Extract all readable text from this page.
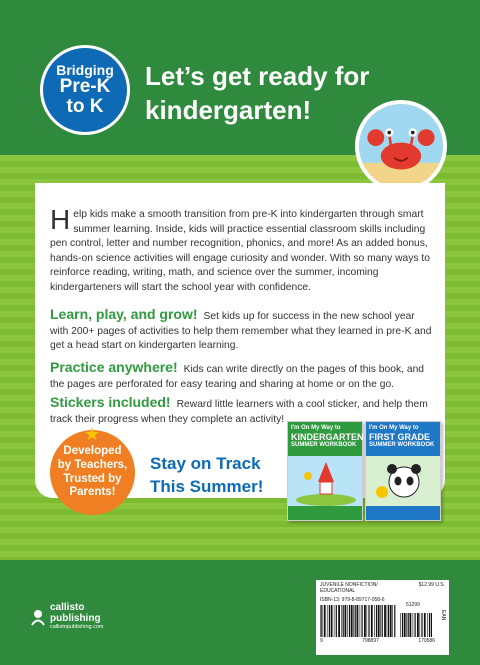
Bridging
Pre-K
to K
Let’s get ready for kindergarten!

Help kids make a smooth transition from pre-K into kindergarten through smart summer learning. Inside, kids will practice essential classroom skills including pen control, letter and number recognition, phonics, and more! As an added bonus, hands-on science activities will engage curiosity and wonder. With so many ways to reinforce reading, writing, math, and science over the summer, incoming kindergarteners will start the school year with confidence.

Learn, play, and grow! Set kids up for success in the new school year with 200+ pages of activities to help them remember what they learned in pre-K and get a head start on kindergarten learning.

Practice anywhere! Kids can write directly on the pages of this book, and the pages are perforated for easy tearing and sharing at home or on the go.

Stickers included! Reward little learners with a cool sticker, and help them track their progress when they complete an activity!

★
Developed by Teachers, Trusted by Parents!
Stay on Track
This Summer!
I'm On My Way to
KINDERGARTEN
SUMMER WORKBOOK
I'm On My Way to
FIRST GRADE
SUMMER WORKBOOK
callisto
publishing
callistopublishing.com
JUVENILE NONFICTION/
EDUCATIONAL
$12.99 U.S.
ISBN-13: 979-8-89717-058-6
51299
9	798897	170586
EAN
